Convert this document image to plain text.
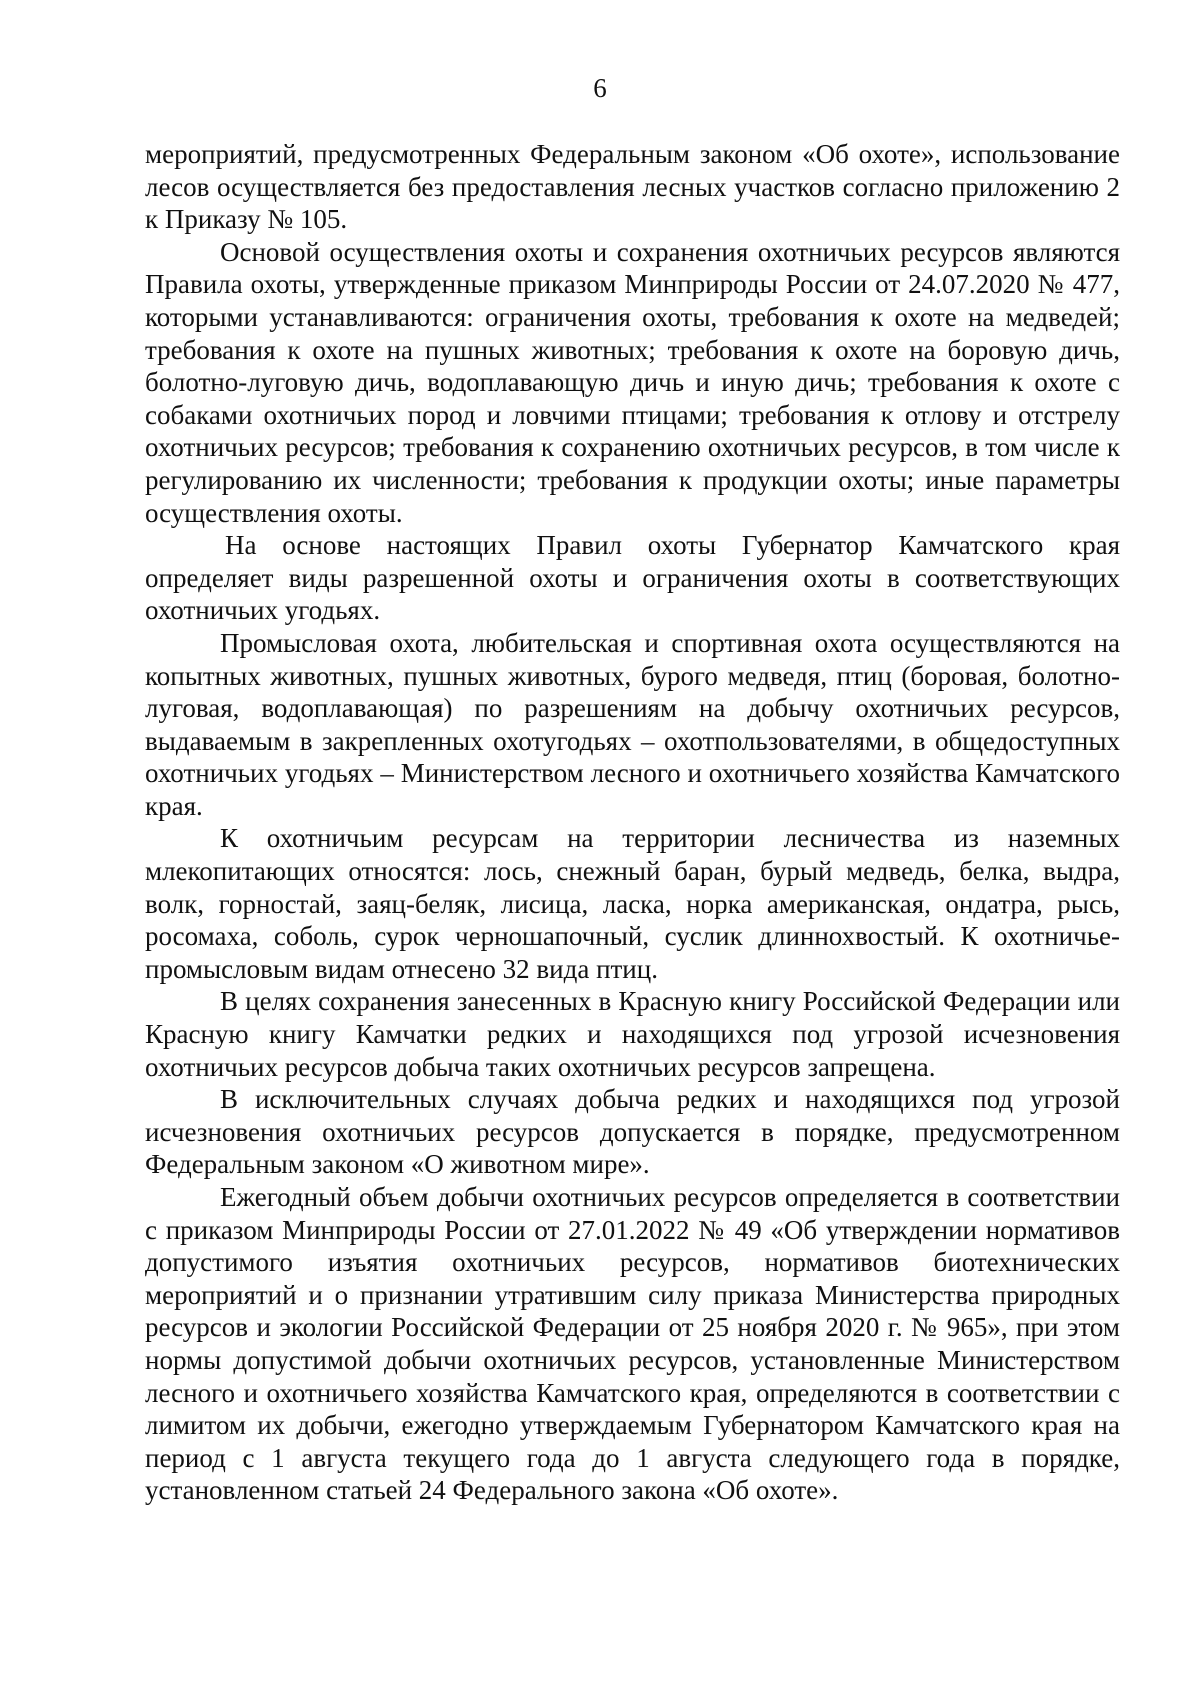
6

мероприятий, предусмотренных Федеральным законом «Об охоте», использование лесов осуществляется без предоставления лесных участков согласно приложению 2 к Приказу № 105.

Основой осуществления охоты и сохранения охотничьих ресурсов являются Правила охоты, утвержденные приказом Минприроды России от 24.07.2020 № 477, которыми устанавливаются: ограничения охоты, требования к охоте на медведей; требования к охоте на пушных животных; требования к охоте на боровую дичь, болотно-луговую дичь, водоплавающую дичь и иную дичь; требования к охоте с собаками охотничьих пород и ловчими птицами; требования к отлову и отстрелу охотничьих ресурсов; требования к сохранению охотничьих ресурсов, в том числе к регулированию их численности; требования к продукции охоты; иные параметры осуществления охоты.

На основе настоящих Правил охоты Губернатор Камчатского края определяет виды разрешенной охоты и ограничения охоты в соответствующих охотничьих угодьях.

Промысловая охота, любительская и спортивная охота осуществляются на копытных животных, пушных животных, бурого медведя, птиц (боровая, болотно-луговая, водоплавающая) по разрешениям на добычу охотничьих ресурсов, выдаваемым в закрепленных охотугодьях – охотпользователями, в общедоступных охотничьих угодьях – Министерством лесного и охотничьего хозяйства Камчатского края.

К охотничьим ресурсам на территории лесничества из наземных млекопитающих относятся: лось, снежный баран, бурый медведь, белка, выдра, волк, горностай, заяц-беляк, лисица, ласка, норка американская, ондатра, рысь, росомаха, соболь, сурок черношапочный, суслик длиннохвостый. К охотничье-промысловым видам отнесено 32 вида птиц.

В целях сохранения занесенных в Красную книгу Российской Федерации или Красную книгу Камчатки редких и находящихся под угрозой исчезновения охотничьих ресурсов добыча таких охотничьих ресурсов запрещена.

В исключительных случаях добыча редких и находящихся под угрозой исчезновения охотничьих ресурсов допускается в порядке, предусмотренном Федеральным законом «О животном мире».

Ежегодный объем добычи охотничьих ресурсов определяется в соответствии с приказом Минприроды России от 27.01.2022 № 49 «Об утверждении нормативов допустимого изъятия охотничьих ресурсов, нормативов биотехнических мероприятий и о признании утратившим силу приказа Министерства природных ресурсов и экологии Российской Федерации от 25 ноября 2020 г. № 965», при этом нормы допустимой добычи охотничьих ресурсов, установленные Министерством лесного и охотничьего хозяйства Камчатского края, определяются в соответствии с лимитом их добычи, ежегодно утверждаемым Губернатором Камчатского края на период с 1 августа текущего года до 1 августа следующего года в порядке, установленном статьей 24 Федерального закона «Об охоте».
